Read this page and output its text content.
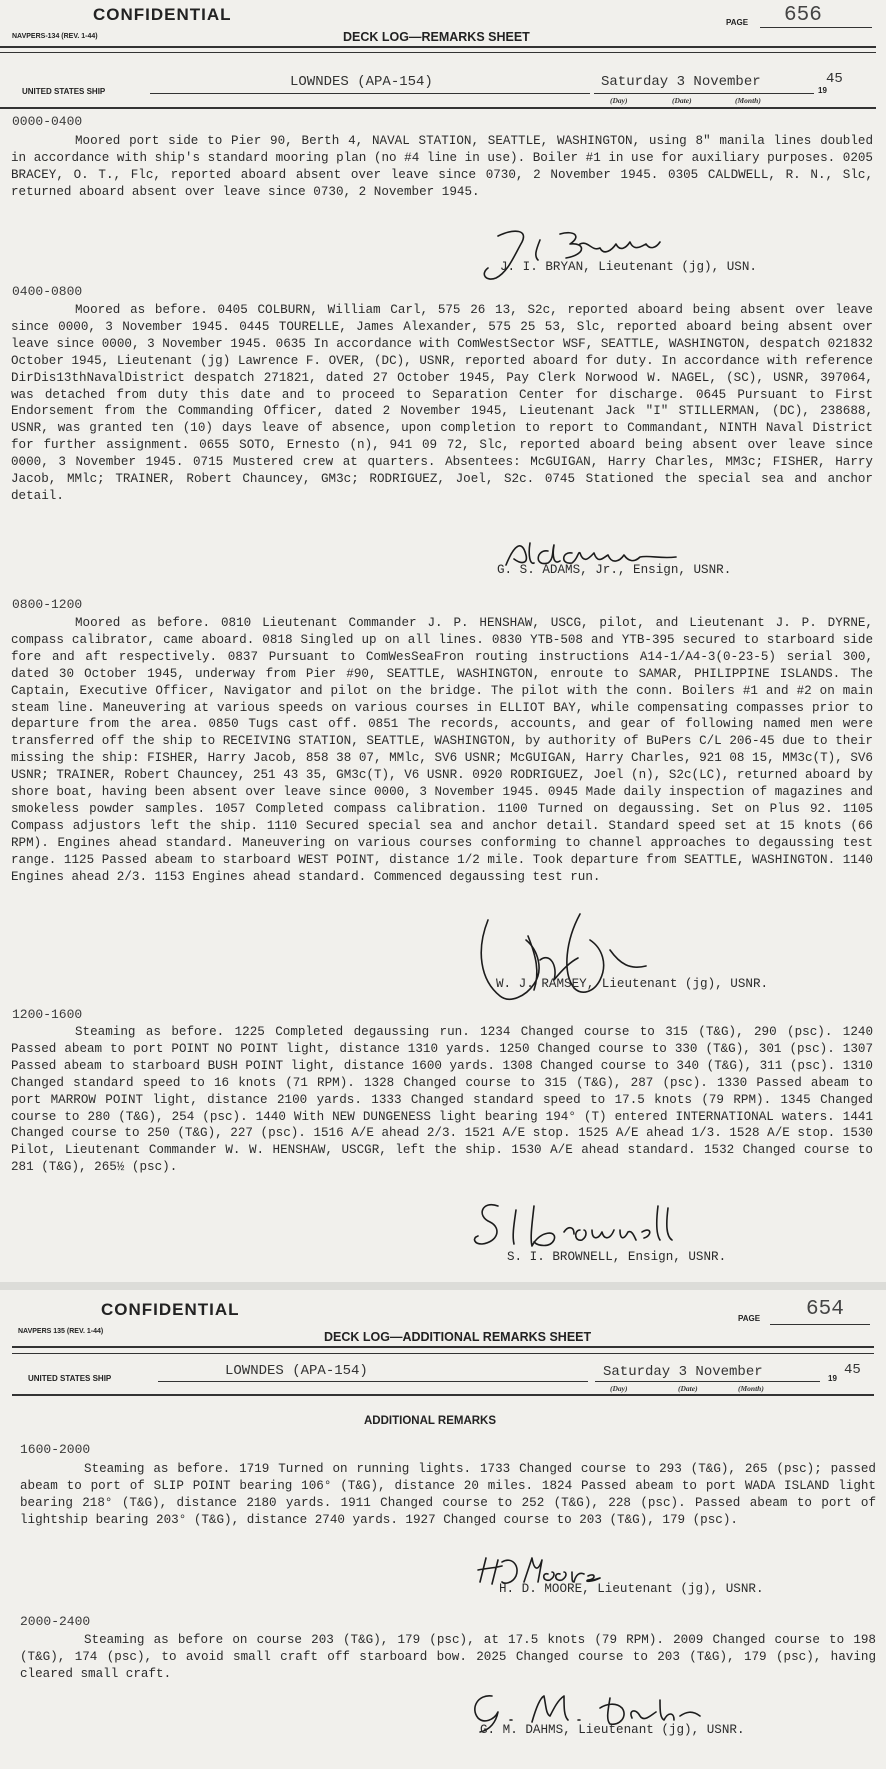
CONFIDENTIAL
NAVPERS-134 (REV. 1-44)	DECK LOG—REMARKS SHEET
PAGE 656
UNITED STATES SHIP
LOWNDES (APA-154)	Saturday 3 November
19
45
(Day)	(Date)	(Month)
0000-0400
Moored port side to Pier 90, Berth 4, NAVAL STATION, SEATTLE, WASHINGTON, using 8" manila lines doubled in accordance with ship's standard mooring plan (no #4 line in use). Boiler #1 in use for auxiliary purposes. 0205 BRACEY, O. T., Flc, reported aboard absent over leave since 0730, 2 November 1945. 0305 CALDWELL, R. N., Slc, returned aboard absent over leave since 0730, 2 November 1945.
J. I. BRYAN, Lieutenant (jg), USN.
0400-0800
Moored as before. 0405 COLBURN, William Carl, 575 26 13, S2c, reported aboard being absent over leave since 0000, 3 November 1945. 0445 TOURELLE, James Alexander, 575 25 53, Slc, reported aboard being absent over leave since 0000, 3 November 1945. 0635 In accordance with ComWestSector WSF, SEATTLE, WASHINGTON, despatch 021832 October 1945, Lieutenant (jg) Lawrence F. OVER, (DC), USNR, reported aboard for duty. In accordance with reference DirDis13thNavalDistrict despatch 271821, dated 27 October 1945, Pay Clerk Norwood W. NAGEL, (SC), USNR, 397064, was detached from duty this date and to proceed to Separation Center for discharge. 0645 Pursuant to First Endorsement from the Commanding Officer, dated 2 November 1945, Lieutenant Jack "I" STILLERMAN, (DC), 238688, USNR, was granted ten (10) days leave of absence, upon completion to report to Commandant, NINTH Naval District for further assignment. 0655 SOTO, Ernesto (n), 941 09 72, Slc, reported aboard being absent over leave since 0000, 3 November 1945. 0715 Mustered crew at quarters. Absentees: McGUIGAN, Harry Charles, MM3c; FISHER, Harry Jacob, MMlc; TRAINER, Robert Chauncey, GM3c; RODRIGUEZ, Joel, S2c. 0745 Stationed the special sea and anchor detail.
G. S. ADAMS, Jr., Ensign, USNR.
0800-1200
Moored as before. 0810 Lieutenant Commander J. P. HENSHAW, USCG, pilot, and Lieutenant J. P. DYRNE, compass calibrator, came aboard. 0818 Singled up on all lines. 0830 YTB-508 and YTB-395 secured to starboard side fore and aft respectively. 0837 Pursuant to ComWesSeaFron routing instructions A14-1/A4-3(0-23-5) serial 300, dated 30 October 1945, underway from Pier #90, SEATTLE, WASHINGTON, enroute to SAMAR, PHILIPPINE ISLANDS. The Captain, Executive Officer, Navigator and pilot on the bridge. The pilot with the conn. Boilers #1 and #2 on main steam line. Maneuvering at various speeds on various courses in ELLIOT BAY, while compensating compasses prior to departure from the area. 0850 Tugs cast off. 0851 The records, accounts, and gear of following named men were transferred off the ship to RECEIVING STATION, SEATTLE, WASHINGTON, by authority of BuPers C/L 206-45 due to their missing the ship: FISHER, Harry Jacob, 858 38 07, MMlc, SV6 USNR; McGUIGAN, Harry Charles, 921 08 15, MM3c(T), SV6 USNR; TRAINER, Robert Chauncey, 251 43 35, GM3c(T), V6 USNR. 0920 RODRIGUEZ, Joel (n), S2c(LC), returned aboard by shore boat, having been absent over leave since 0000, 3 November 1945. 0945 Made daily inspection of magazines and smokeless powder samples. 1057 Completed compass calibration. 1100 Turned on degaussing. Set on Plus 92. 1105 Compass adjustors left the ship. 1110 Secured special sea and anchor detail. Standard speed set at 15 knots (66 RPM). Engines ahead standard. Maneuvering on various courses conforming to channel approaches to degaussing test range. 1125 Passed abeam to starboard WEST POINT, distance 1/2 mile. Took departure from SEATTLE, WASHINGTON. 1140 Engines ahead 2/3. 1153 Engines ahead standard. Commenced degaussing test run.
W. J. RAMSEY, Lieutenant (jg), USNR.
1200-1600
Steaming as before. 1225 Completed degaussing run. 1234 Changed course to 315 (T&G), 290 (psc). 1240 Passed abeam to port POINT NO POINT light, distance 1310 yards. 1250 Changed course to 330 (T&G), 301 (psc). 1307 Passed abeam to starboard BUSH POINT light, distance 1600 yards. 1308 Changed course to 340 (T&G), 311 (psc). 1310 Changed standard speed to 16 knots (71 RPM). 1328 Changed course to 315 (T&G), 287 (psc). 1330 Passed abeam to port MARROW POINT light, distance 2100 yards. 1333 Changed standard speed to 17.5 knots (79 RPM). 1345 Changed course to 280 (T&G), 254 (psc). 1440 With NEW DUNGENESS light bearing 194° (T) entered INTERNATIONAL waters. 1441 Changed course to 250 (T&G), 227 (psc). 1516 A/E ahead 2/3. 1521 A/E stop. 1525 A/E ahead 1/3. 1528 A/E stop. 1530 Pilot, Lieutenant Commander W. W. HENSHAW, USCGR, left the ship. 1530 A/E ahead standard. 1532 Changed course to 281 (T&G), 265½ (psc).
S. I. BROWNELL, Ensign, USNR.
CONFIDENTIAL
NAVPERS 135 (REV. 1-44)	DECK LOG—ADDITIONAL REMARKS SHEET
PAGE 654
UNITED STATES SHIP	LOWNDES (APA-154)	Saturday 3 November	19
45
(Day)	(Date)	(Month)
ADDITIONAL REMARKS
1600-2000
Steaming as before. 1719 Turned on running lights. 1733 Changed course to 293 (T&G), 265 (psc); passed abeam to port of SLIP POINT bearing 106° (T&G), distance 20 miles. 1824 Passed abeam to port WADA ISLAND light bearing 218° (T&G), distance 2180 yards. 1911 Changed course to 252 (T&G), 228 (psc). Passed abeam to port of lightship bearing 203° (T&G), distance 2740 yards. 1927 Changed course to 203 (T&G), 179 (psc).
H. D. MOORE, Lieutenant (jg), USNR.
2000-2400
Steaming as before on course 203 (T&G), 179 (psc), at 17.5 knots (79 RPM). 2009 Changed course to 198 (T&G), 174 (psc), to avoid small craft off starboard bow. 2025 Changed course to 203 (T&G), 179 (psc), having cleared small craft.
G. M. DAHMS, Lieutenant (jg), USNR.
